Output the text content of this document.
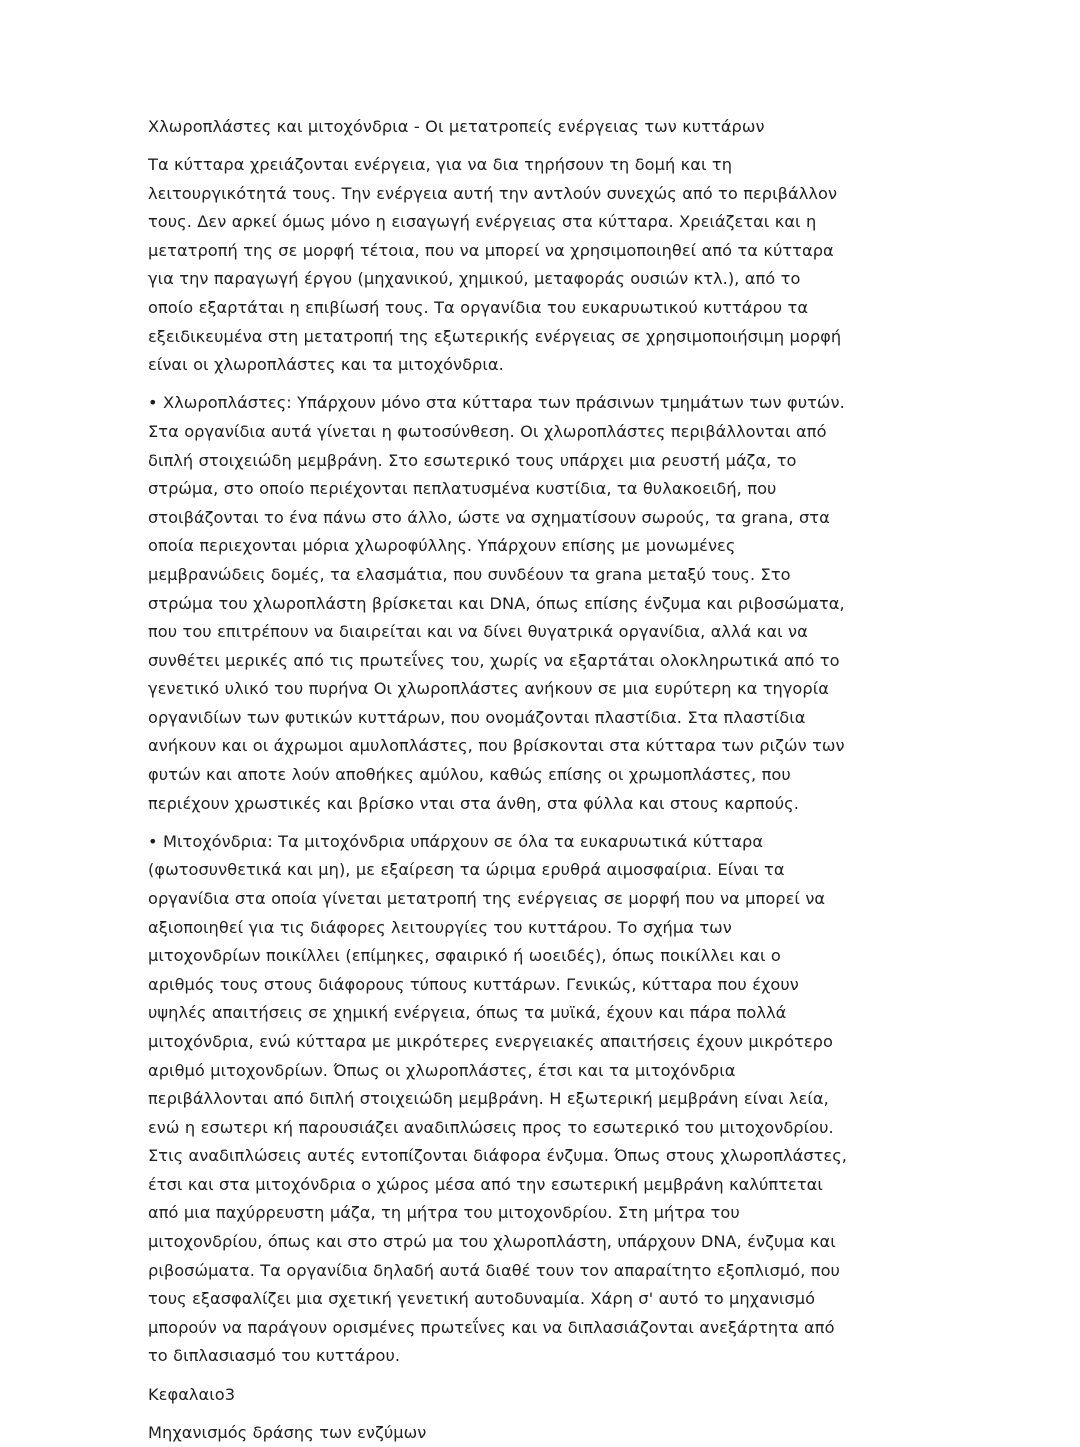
Χλωροπλάστες και μιτοχόνδρια - Οι μετατροπείς ενέργειας των κυττάρων

Τα κύτταρα χρειάζονται ενέργεια, για να δια τηρήσουν τη δομή και τη λειτουργικότητά τους. Την ενέργεια αυτή την αντλούν συνεχώς από το περιβάλλον τους. Δεν αρκεί όμως μόνο η εισαγωγή ενέργειας στα κύτταρα. Χρειάζεται και η μετατροπή της σε μορφή τέτοια, που να μπορεί να χρησιμοποιηθεί από τα κύτταρα για την παραγωγή έργου (μηχανικού, χημικού, μεταφοράς ουσιών κτλ.), από το οποίο εξαρτάται η επιβίωσή τους. Τα οργανίδια του ευκαρυωτικού κυττάρου τα εξειδικευμένα στη μετατροπή της εξωτερικής ενέργειας σε χρησιμοποιήσιμη μορφή είναι οι χλωροπλάστες και τα μιτοχόνδρια.

• Χλωροπλάστες: Υπάρχουν μόνο στα κύτταρα των πράσινων τμημάτων των φυτών. Στα οργανίδια αυτά γίνεται η φωτοσύνθεση. Οι χλωροπλάστες περιβάλλονται από διπλή στοιχειώδη μεμβράνη. Στο εσωτερικό τους υπάρχει μια ρευστή μάζα, το στρώμα, στο οποίο περιέχονται πεπλατυσμένα κυστίδια, τα θυλακοειδή, που στοιβάζονται το ένα πάνω στο άλλο, ώστε να σχηματίσουν σωρούς, τα grana, στα οποία περιεχονται μόρια χλωροφύλλης. Υπάρχουν επίσης με μονωμένες μεμβρανώδεις δομές, τα ελασμάτια, που συνδέουν τα grana μεταξύ τους. Στο στρώμα του χλωροπλάστη βρίσκεται και DNA, όπως επίσης ένζυμα και ριβοσώματα, που του επιτρέπουν να διαιρείται και να δίνει θυγατρικά οργανίδια, αλλά και να συνθέτει μερικές από τις πρωτεΐνες του, χωρίς να εξαρτάται ολοκληρωτικά από το γενετικό υλικό του πυρήνα Οι χλωροπλάστες ανήκουν σε μια ευρύτερη κα τηγορία οργανιδίων των φυτικών κυττάρων, που ονομάζονται πλαστίδια. Στα πλαστίδια ανήκουν και οι άχρωμοι αμυλοπλάστες, που βρίσκονται στα κύτταρα των ριζών των φυτών και αποτε λούν αποθήκες αμύλου, καθώς επίσης οι χρωμοπλάστες, που περιέχουν χρωστικές και βρίσκο νται στα άνθη, στα φύλλα και στους καρπούς.

• Μιτοχόνδρια: Τα μιτοχόνδρια υπάρχουν σε όλα τα ευκαρυωτικά κύτταρα (φωτοσυνθετικά και μη), με εξαίρεση τα ώριμα ερυθρά αιμοσφαίρια. Είναι τα οργανίδια στα οποία γίνεται μετατροπή της ενέργειας σε μορφή που να μπορεί να αξιοποιηθεί για τις διάφορες λειτουργίες του κυττάρου. Το σχήμα των μιτοχονδρίων ποικίλλει (επίμηκες, σφαιρικό ή ωοειδές), όπως ποικίλλει και ο αριθμός τους στους διάφορους τύπους κυττάρων. Γενικώς, κύτταρα που έχουν υψηλές απαιτήσεις σε χημική ενέργεια, όπως τα μυϊκά, έχουν και πάρα πολλά μιτοχόνδρια, ενώ κύτταρα με μικρότερες ενεργειακές απαιτήσεις έχουν μικρότερο αριθμό μιτοχονδρίων. Όπως οι χλωροπλάστες, έτσι και τα μιτοχόνδρια περιβάλλονται από διπλή στοιχειώδη μεμβράνη. Η εξωτερική μεμβράνη είναι λεία, ενώ η εσωτερι κή παρουσιάζει αναδιπλώσεις προς το εσωτερικό του μιτοχονδρίου. Στις αναδιπλώσεις αυτές εντοπίζονται διάφορα ένζυμα. Όπως στους χλωροπλάστες, έτσι και στα μιτοχόνδρια ο χώρος μέσα από την εσωτερική μεμβράνη καλύπτεται από μια παχύρρευστη μάζα, τη μήτρα του μιτοχονδρίου. Στη μήτρα του μιτοχονδρίου, όπως και στο στρώ μα του χλωροπλάστη, υπάρχουν DNA, ένζυμα και ριβοσώματα. Τα οργανίδια δηλαδή αυτά διαθέ τουν τον απαραίτητο εξοπλισμό, που τους εξασφαλίζει μια σχετική γενετική αυτοδυναμία. Χάρη σ' αυτό το μηχανισμό μπορούν να παράγουν ορισμένες πρωτεΐνες και να διπλασιάζονται ανεξάρτητα από το διπλασιασμό του κυττάρου.

Κεφαλαιο3

Μηχανισμός δράσης των ενζύμων
